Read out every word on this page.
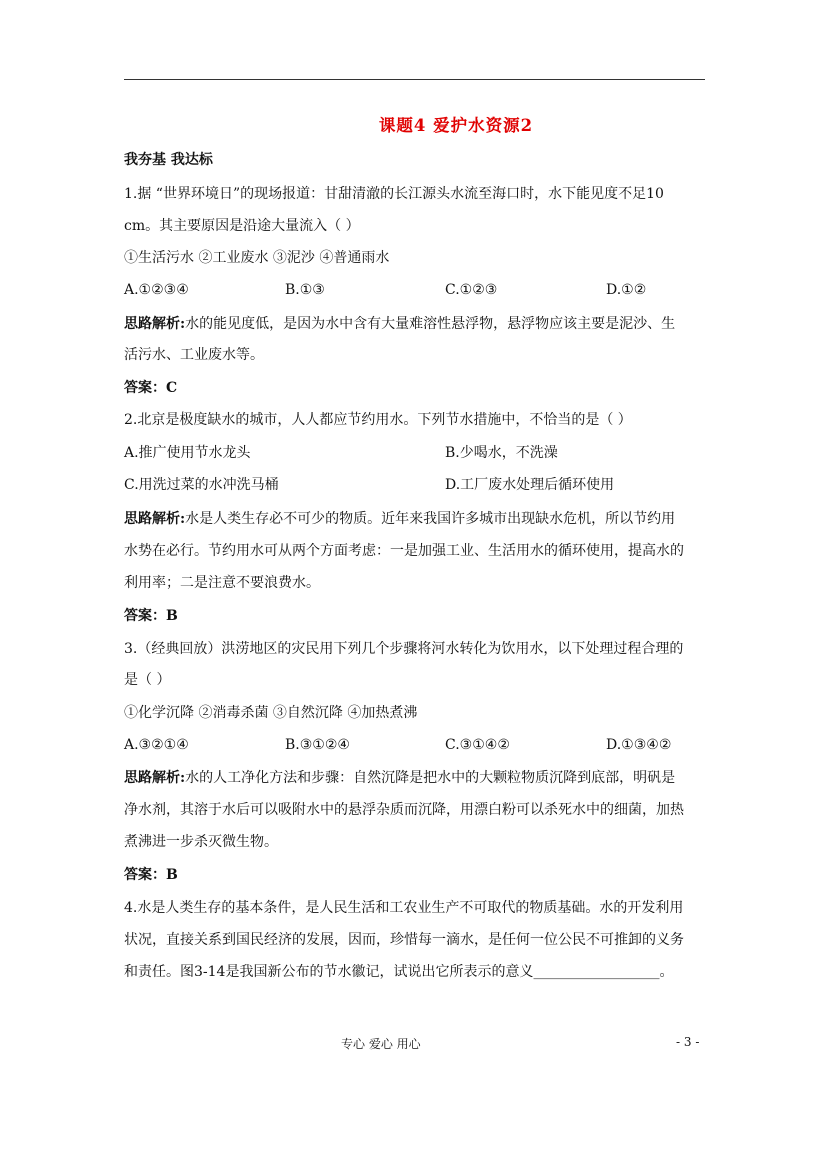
课题4 爱护水资源2
我夯基 我达标
1.据 “世界环境日”的现场报道：甘甜清澈的长江源头水流至海口时，水下能见度不足10
cm。其主要原因是沿途大量流入（ ）
①生活污水 ②工业废水 ③泥沙 ④普通雨水
A.①②③④	B.①③	C.①②③	D.①②
思路解析:水的能见度低，是因为水中含有大量难溶性悬浮物，悬浮物应该主要是泥沙、生
活污水、工业废水等。
答案：C
2.北京是极度缺水的城市，人人都应节约用水。下列节水措施中，不恰当的是（ ）
A.推广使用节水龙头	B.少喝水，不洗澡
C.用洗过菜的水冲洗马桶	D.工厂废水处理后循环使用
思路解析:水是人类生存必不可少的物质。近年来我国许多城市出现缺水危机，所以节约用
水势在必行。节约用水可从两个方面考虑：一是加强工业、生活用水的循环使用，提高水的
利用率；二是注意不要浪费水。
答案：B
3.（经典回放）洪涝地区的灾民用下列几个步骤将河水转化为饮用水，以下处理过程合理的
是（ ）
①化学沉降 ②消毒杀菌 ③自然沉降 ④加热煮沸
A.③②①④	B.③①②④	C.③①④②	D.①③④②
思路解析:水的人工净化方法和步骤：自然沉降是把水中的大颗粒物质沉降到底部，明矾是
净水剂，其溶于水后可以吸附水中的悬浮杂质而沉降，用漂白粉可以杀死水中的细菌，加热
煮沸进一步杀灭微生物。
答案：B
4.水是人类生存的基本条件，是人民生活和工农业生产不可取代的物质基础。水的开发利用
状况，直接关系到国民经济的发展，因而，珍惜每一滴水，是任何一位公民不可推卸的义务
和责任。图3-14是我国新公布的节水徽记，试说出它所表示的意义__________________。
专心 爱心 用心	- 3 -
